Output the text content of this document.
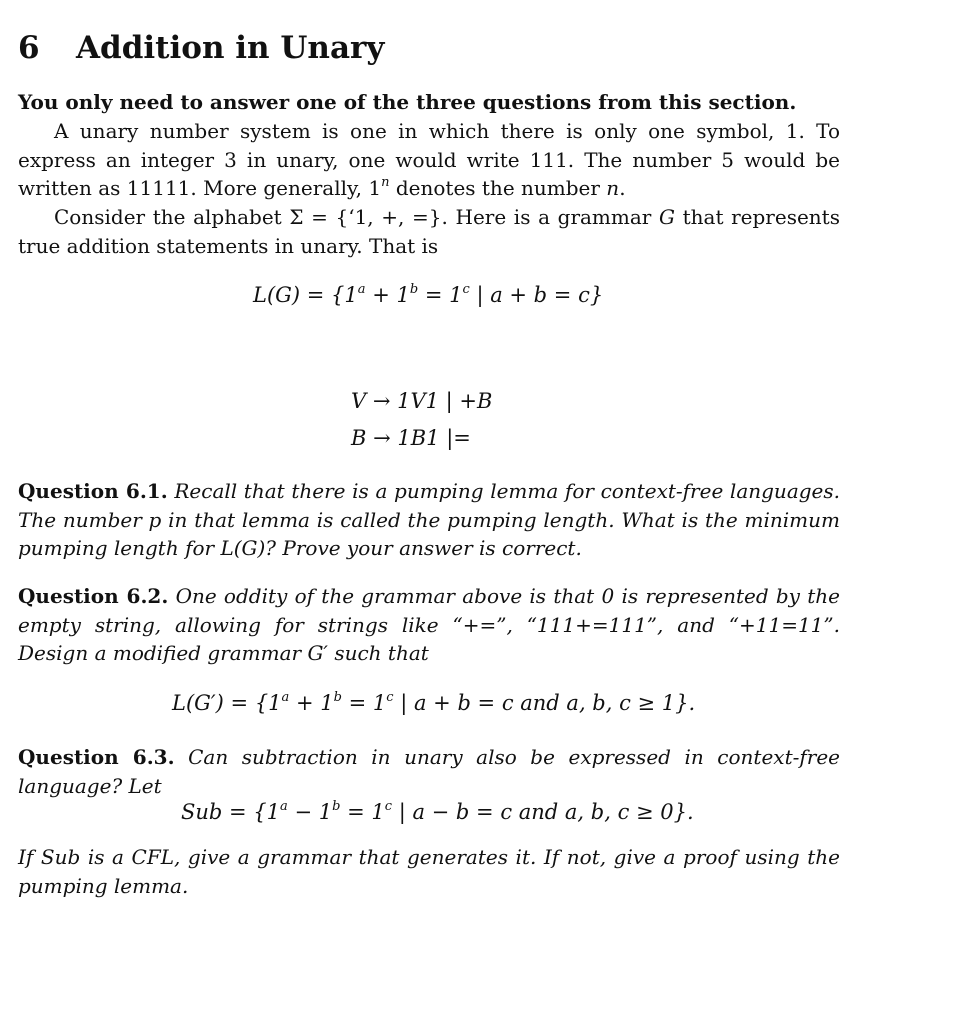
6 Addition in Unary
You only need to answer one of the three questions from this section.
A unary number system is one in which there is only one symbol, 1. To express an integer 3 in unary, one would write 111. The number 5 would be written as 11111. More generally, 1$^n$ denotes the number n.
Consider the alphabet Σ = {‘1, +, =}. Here is a grammar G that represents true addition statements in unary. That is
$L(G) = \{1^a + 1^b = 1^c$ | a + b = c}
V → 1V1 | +B
B → 1B1 |=
Question 6.1. Recall that there is a pumping lemma for context-free languages. The number p in that lemma is called the pumping length. What is the minimum pumping length for L(G)? Prove your answer is correct.
Question 6.2. One oddity of the grammar above is that 0 is represented by the empty string, allowing for strings like “+=”, “111+=111”, and “+11=11”. Design a modified grammar G′ such that
$L(G') = \{1^a + 1^b = 1^c$ | a + b = c and a, b, c ≥ 1}.
Question 6.3. Can subtraction in unary also be expressed in context-free language? Let
Sub = {$1^a - 1^b = 1^c$ | a − b = c and a, b, c ≥ 0}.
If Sub is a CFL, give a grammar that generates it. If not, give a proof using the pumping lemma.
